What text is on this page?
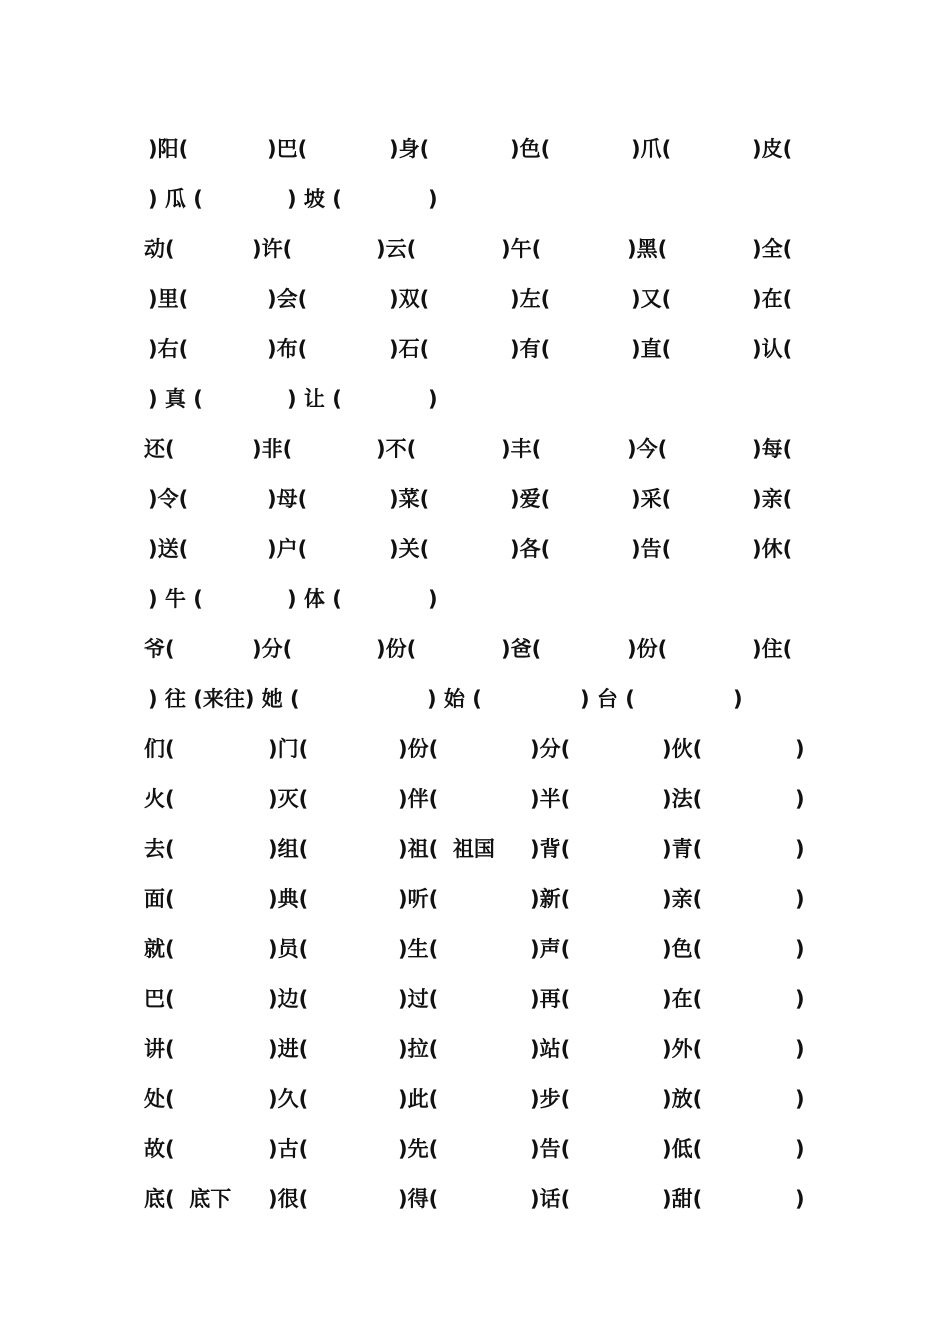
)阳(	)巴(	)身(	)色(	)爪(	)皮(
) 瓜 (	) 坡 (	)
动(	)许(	)云(	)午(	)黑(	)全(
)里(	)会(	)双(	)左(	)又(	)在(
)右(	)布(	)石(	)有(	)直(	)认(
) 真 (	) 让 (	)
还(	)非(	)不(	)丰(	)今(	)每(
)令(	)母(	)菜(	)爱(	)采(	)亲(
)送(	)户(	)关(	)各(	)告(	)休(
) 牛 (	) 体 (	)
爷(	)分(	)份(	)爸(	)份(	)住(
) 往 (来往) 她 (	) 始 (	) 台 (	)
们(	)门(	)份(	)分(	)伙(	)
火(	)灭(	)伴(	)半(	)法(	)
去(	)组(	)祖(  祖国 )背(	)青(	)
面(	)典(	)听(	)新(	)亲(	)
就(	)员(	)生(	)声(	)色(	)
巴(	)边(	)过(	)再(	)在(	)
讲(	)进(	)拉(	)站(	)外(	)
处(	)久(	)此(	)步(	)放(	)
故(	)古(	)先(	)告(	)低(	)
底(  底下 )很(	)得(	)话(	)甜(	)
